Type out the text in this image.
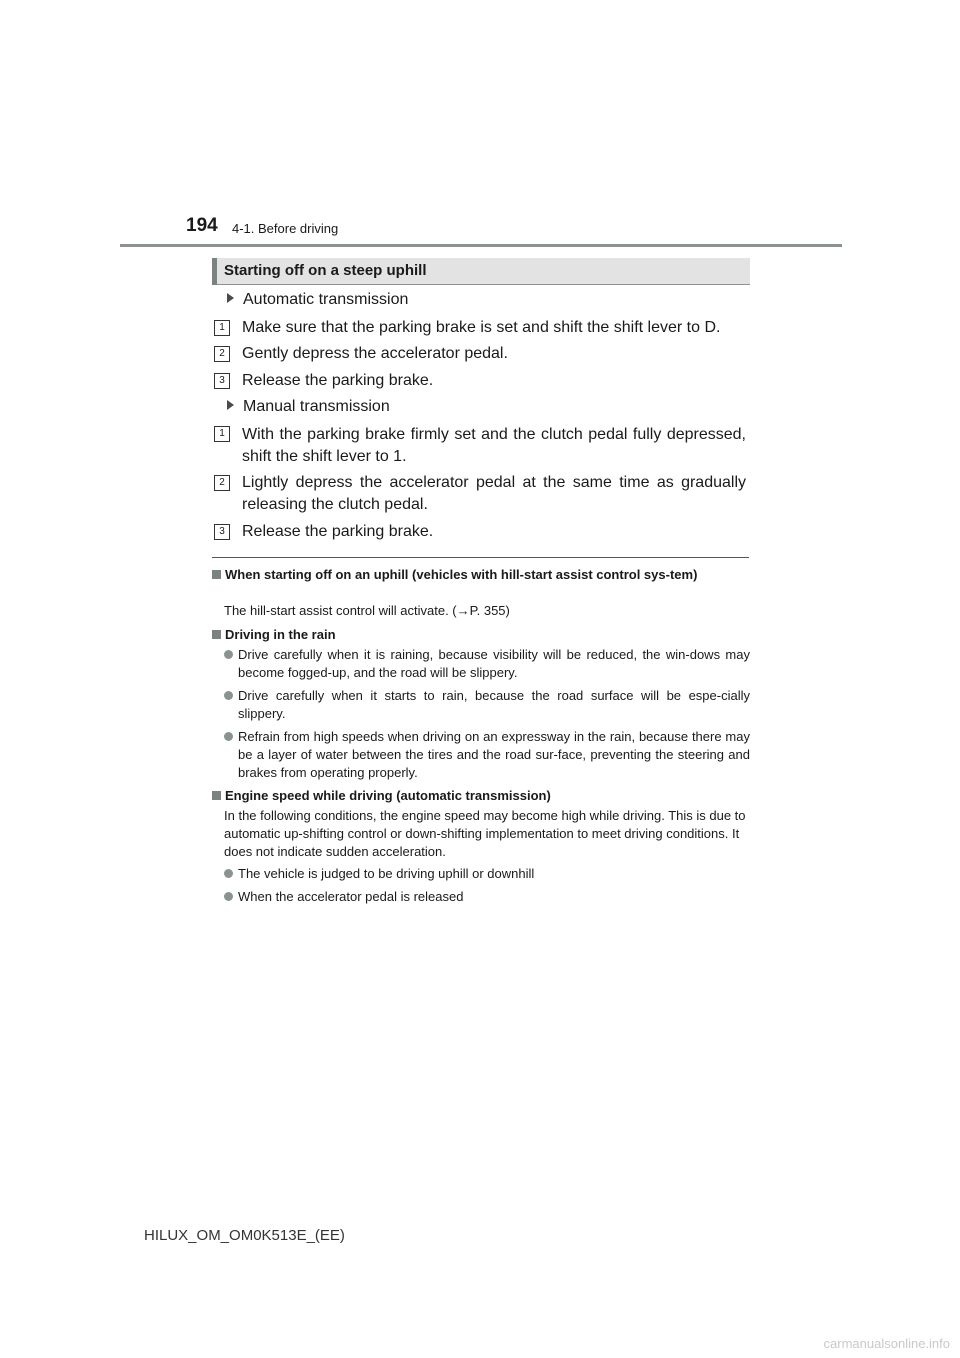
194 4-1. Before driving
Starting off on a steep uphill
Automatic transmission
1	Make sure that the parking brake is set and shift the shift lever to D.
2	Gently depress the accelerator pedal.
3	Release the parking brake.
Manual transmission
1	With the parking brake firmly set and the clutch pedal fully depressed, shift the shift lever to 1.
2	Lightly depress the accelerator pedal at the same time as gradually releasing the clutch pedal.
3	Release the parking brake.
When starting off on an uphill (vehicles with hill-start assist control sys-tem)
The hill-start assist control will activate. (→P. 355)
Driving in the rain
Drive carefully when it is raining, because visibility will be reduced, the win-dows may become fogged-up, and the road will be slippery.
Drive carefully when it starts to rain, because the road surface will be espe-cially slippery.
Refrain from high speeds when driving on an expressway in the rain, because there may be a layer of water between the tires and the road sur-face, preventing the steering and brakes from operating properly.
Engine speed while driving (automatic transmission)
In the following conditions, the engine speed may become high while driving. This is due to automatic up-shifting control or down-shifting implementation to meet driving conditions. It does not indicate sudden acceleration.
The vehicle is judged to be driving uphill or downhill
When the accelerator pedal is released
HILUX_OM_OM0K513E_(EE)
carmanualsonline.info
